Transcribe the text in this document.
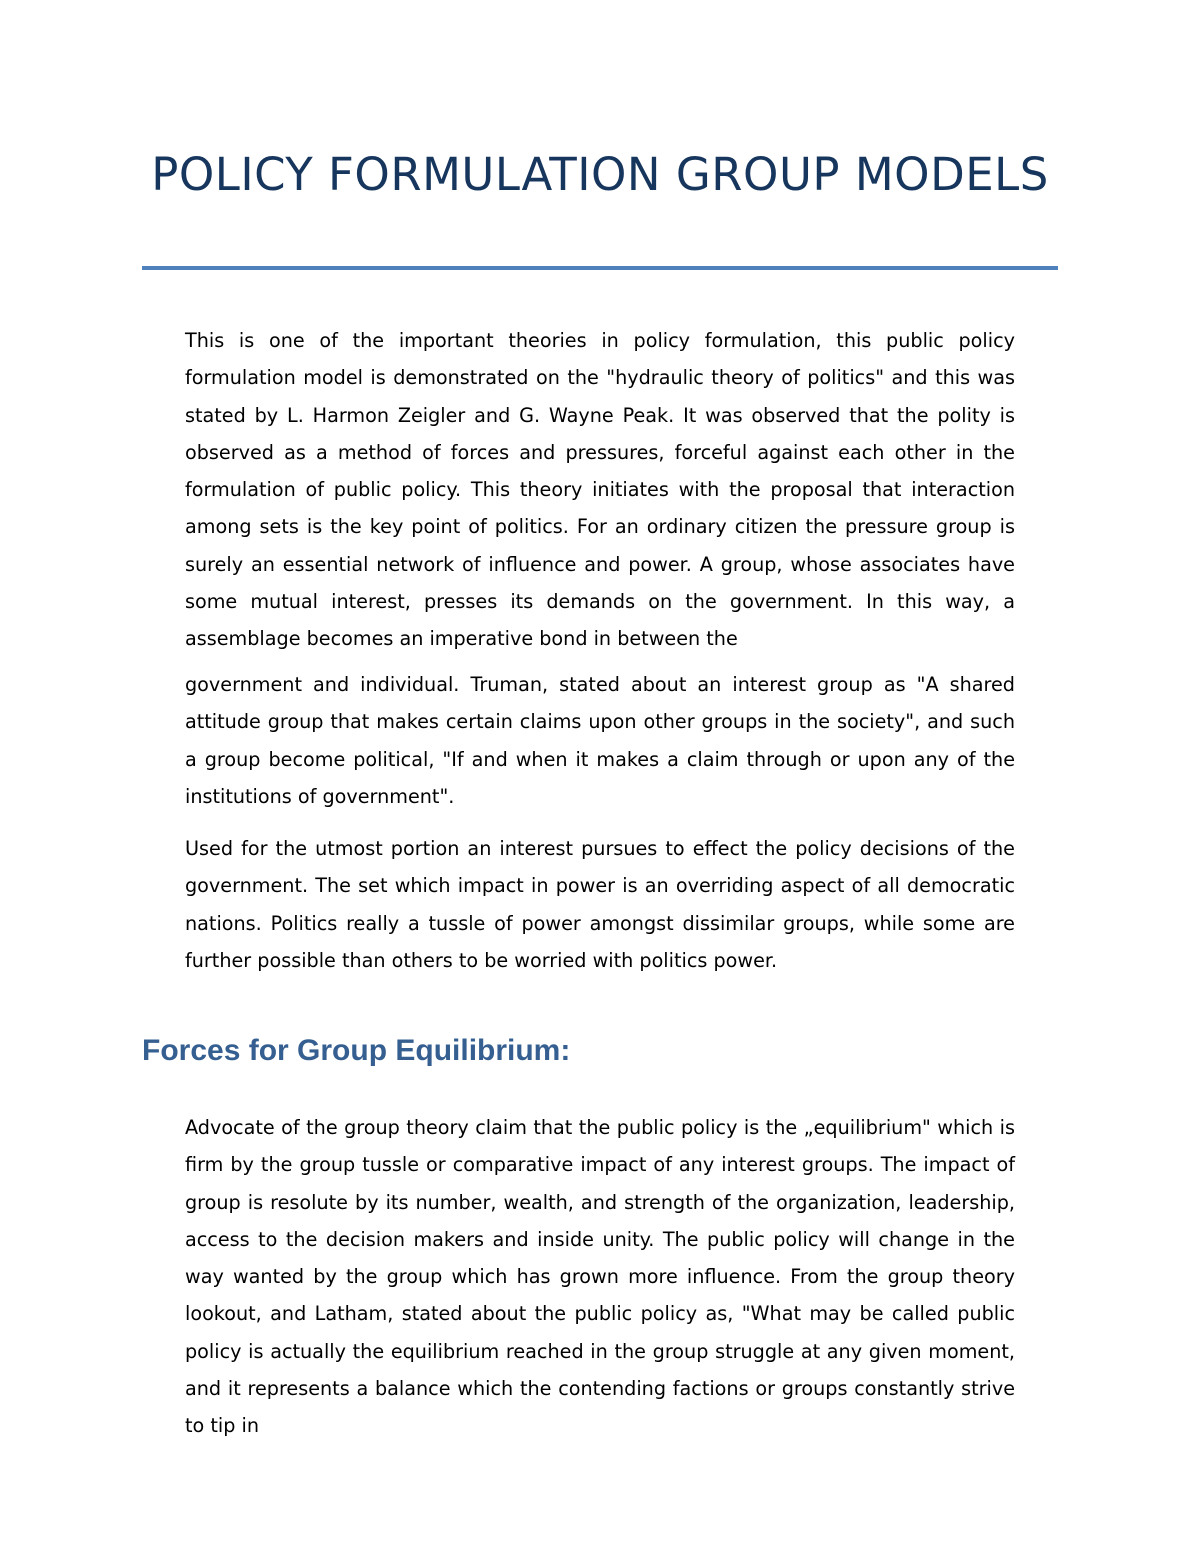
POLICY FORMULATION GROUP MODELS

This is one of the important theories in policy formulation, this public policy formulation model is demonstrated on the "hydraulic theory of politics" and this was stated by L. Harmon Zeigler and G. Wayne Peak. It was observed that the polity is observed as a method of forces and pressures, forceful against each other in the formulation of public policy. This theory initiates with the proposal that interaction among sets is the key point of politics. For an ordinary citizen the pressure group is surely an essential network of influence and power. A group, whose associates have some mutual interest, presses its demands on the government. In this way, a assemblage becomes an imperative bond in between the

government and individual. Truman, stated about an interest group as "A shared attitude group that makes certain claims upon other groups in the society", and such a group become political, "If and when it makes a claim through or upon any of the institutions of government".

Used for the utmost portion an interest pursues to effect the policy decisions of the government. The set which impact in power is an overriding aspect of all democratic nations. Politics really a tussle of power amongst dissimilar groups, while some are further possible than others to be worried with politics power.

Forces for Group Equilibrium:

Advocate of the group theory claim that the public policy is the „equilibrium" which is firm by the group tussle or comparative impact of any interest groups. The impact of group is resolute by its number, wealth, and strength of the organization, leadership, access to the decision makers and inside unity. The public policy will change in the way wanted by the group which has grown more influence. From the group theory lookout, and Latham, stated about the public policy as, "What may be called public policy is actually the equilibrium reached in the group struggle at any given moment, and it represents a balance which the contending factions or groups constantly strive to tip in
